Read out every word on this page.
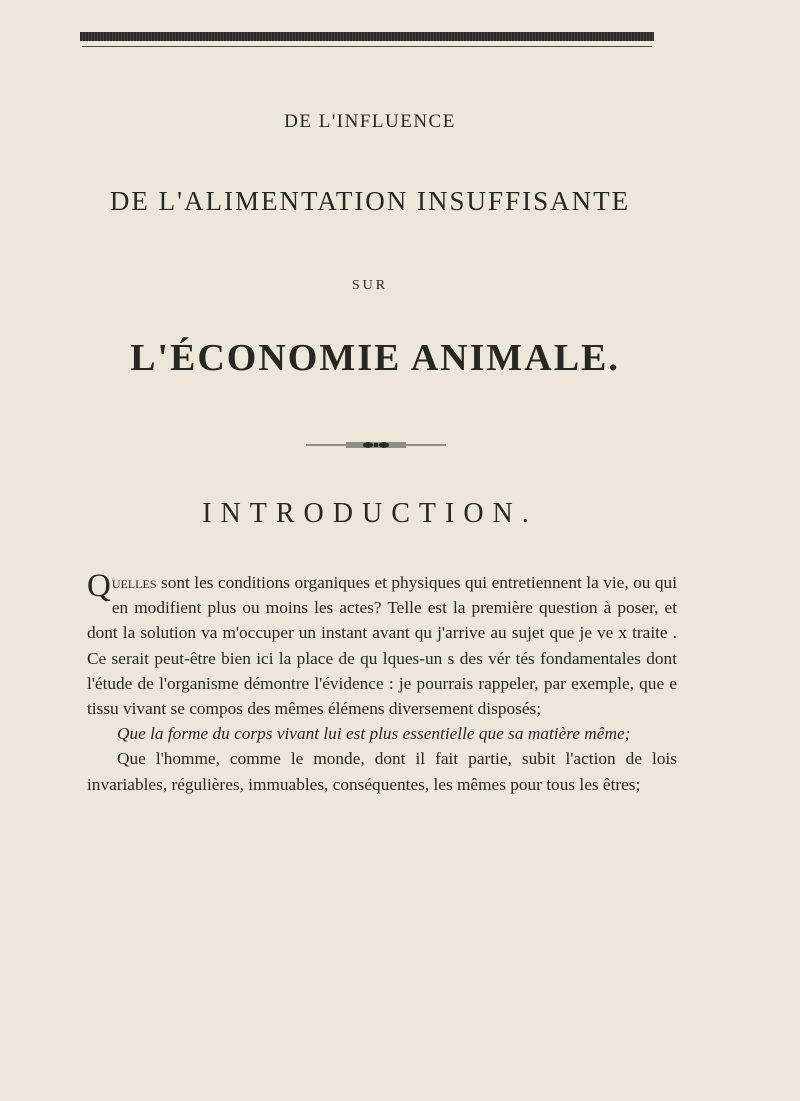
DE L'INFLUENCE
DE L'ALIMENTATION INSUFFISANTE
SUR
L'ÉCONOMIE ANIMALE.
INTRODUCTION.

Quelles sont les conditions organiques et physiques qui entretiennent la vie, ou qui en modifient plus ou moins les actes? Telle est la première question à poser, et dont la solution va m'occuper un instant avant qu j'arrive au sujet que je ve x traite . Ce serait peut-être bien ici la place de qu lques-un s des vér tés fondamentales dont l'étude de l'organisme démontre l'évidence : je pourrais rappeler, par exemple, que e tissu vivant se compos des mêmes élémens diversement disposés;

Que la forme du corps vivant lui est plus essentielle que sa matière même;

Que l'homme, comme le monde, dont il fait partie, subit l'action de lois invariables, régulières, immuables, conséquentes, les mêmes pour tous les êtres;
